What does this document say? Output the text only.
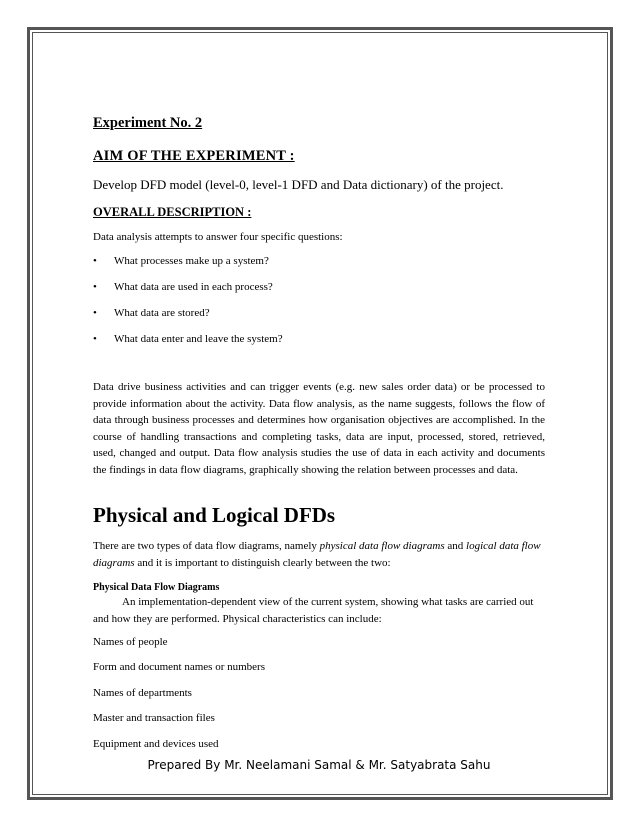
Experiment No. 2
AIM OF THE EXPERIMENT :
Develop DFD model (level-0, level-1 DFD and Data dictionary) of the project.
OVERALL DESCRIPTION :
Data analysis attempts to answer four specific questions:
• What processes make up a system?
• What data are used in each process?
• What data are stored?
• What data enter and leave the system?
Data drive business activities and can trigger events (e.g. new sales order data) or be processed to provide information about the activity. Data flow analysis, as the name suggests, follows the flow of data through business processes and determines how organisation objectives are accomplished. In the course of handling transactions and completing tasks, data are input, processed, stored, retrieved, used, changed and output. Data flow analysis studies the use of data in each activity and documents the findings in data flow diagrams, graphically showing the relation between processes and data.
Physical and Logical DFDs
There are two types of data flow diagrams, namely physical data flow diagrams and logical data flow diagrams and it is important to distinguish clearly between the two:
Physical Data Flow Diagrams
An implementation-dependent view of the current system, showing what tasks are carried out and how they are performed. Physical characteristics can include:
Names of people
Form and document names or numbers
Names of departments
Master and transaction files
Equipment and devices used
Prepared By Mr. Neelamani Samal & Mr. Satyabrata Sahu
